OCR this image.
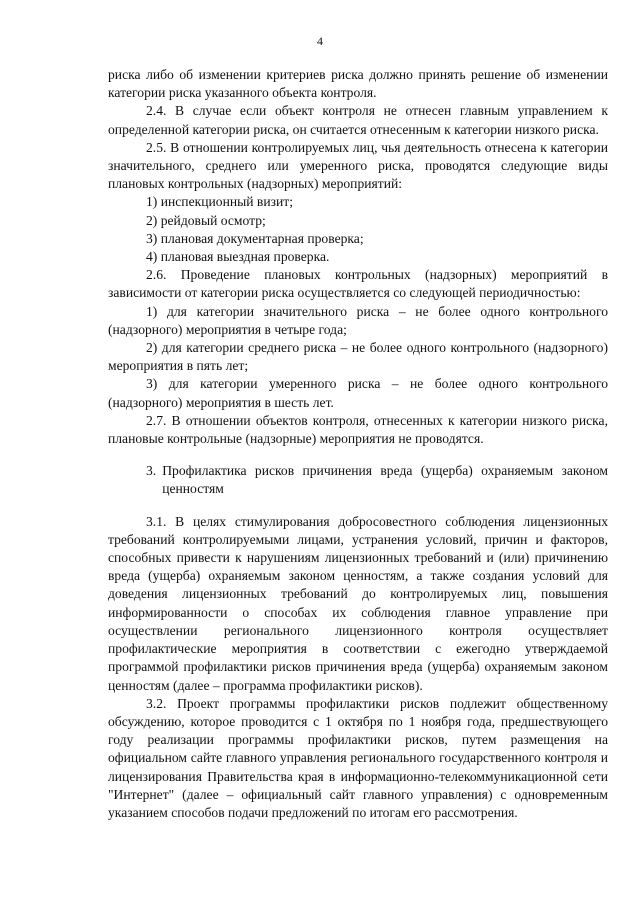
4

риска либо об изменении критериев риска должно принять решение об изменении категории риска указанного объекта контроля.

2.4. В случае если объект контроля не отнесен главным управлением к определенной категории риска, он считается отнесенным к категории низкого риска.

2.5. В отношении контролируемых лиц, чья деятельность отнесена к категории значительного, среднего или умеренного риска, проводятся следующие виды плановых контрольных (надзорных) мероприятий:

1) инспекционный визит;

2) рейдовый осмотр;

3) плановая документарная проверка;

4) плановая выездная проверка.

2.6. Проведение плановых контрольных (надзорных) мероприятий в зависимости от категории риска осуществляется со следующей периодичностью:

1) для категории значительного риска – не более одного контрольного (надзорного) мероприятия в четыре года;

2) для категории среднего риска – не более одного контрольного (надзорного) мероприятия в пять лет;

3) для категории умеренного риска – не более одного контрольного (надзорного) мероприятия в шесть лет.

2.7. В отношении объектов контроля, отнесенных к категории низкого риска, плановые контрольные (надзорные) мероприятия не проводятся.

3. Профилактика рисков причинения вреда (ущерба) охраняемым законом ценностям

3.1. В целях стимулирования добросовестного соблюдения лицензионных требований контролируемыми лицами, устранения условий, причин и факторов, способных привести к нарушениям лицензионных требований и (или) причинению вреда (ущерба) охраняемым законом ценностям, а также создания условий для доведения лицензионных требований до контролируемых лиц, повышения информированности о способах их соблюдения главное управление при осуществлении регионального лицензионного контроля осуществляет профилактические мероприятия в соответствии с ежегодно утверждаемой программой профилактики рисков причинения вреда (ущерба) охраняемым законом ценностям (далее – программа профилактики рисков).

3.2. Проект программы профилактики рисков подлежит общественному обсуждению, которое проводится с 1 октября по 1 ноября года, предшествующего году реализации программы профилактики рисков, путем размещения на официальном сайте главного управления регионального государственного контроля и лицензирования Правительства края в информационно-телекоммуникационной сети "Интернет" (далее – официальный сайт главного управления) с одновременным указанием способов подачи предложений по итогам его рассмотрения.
